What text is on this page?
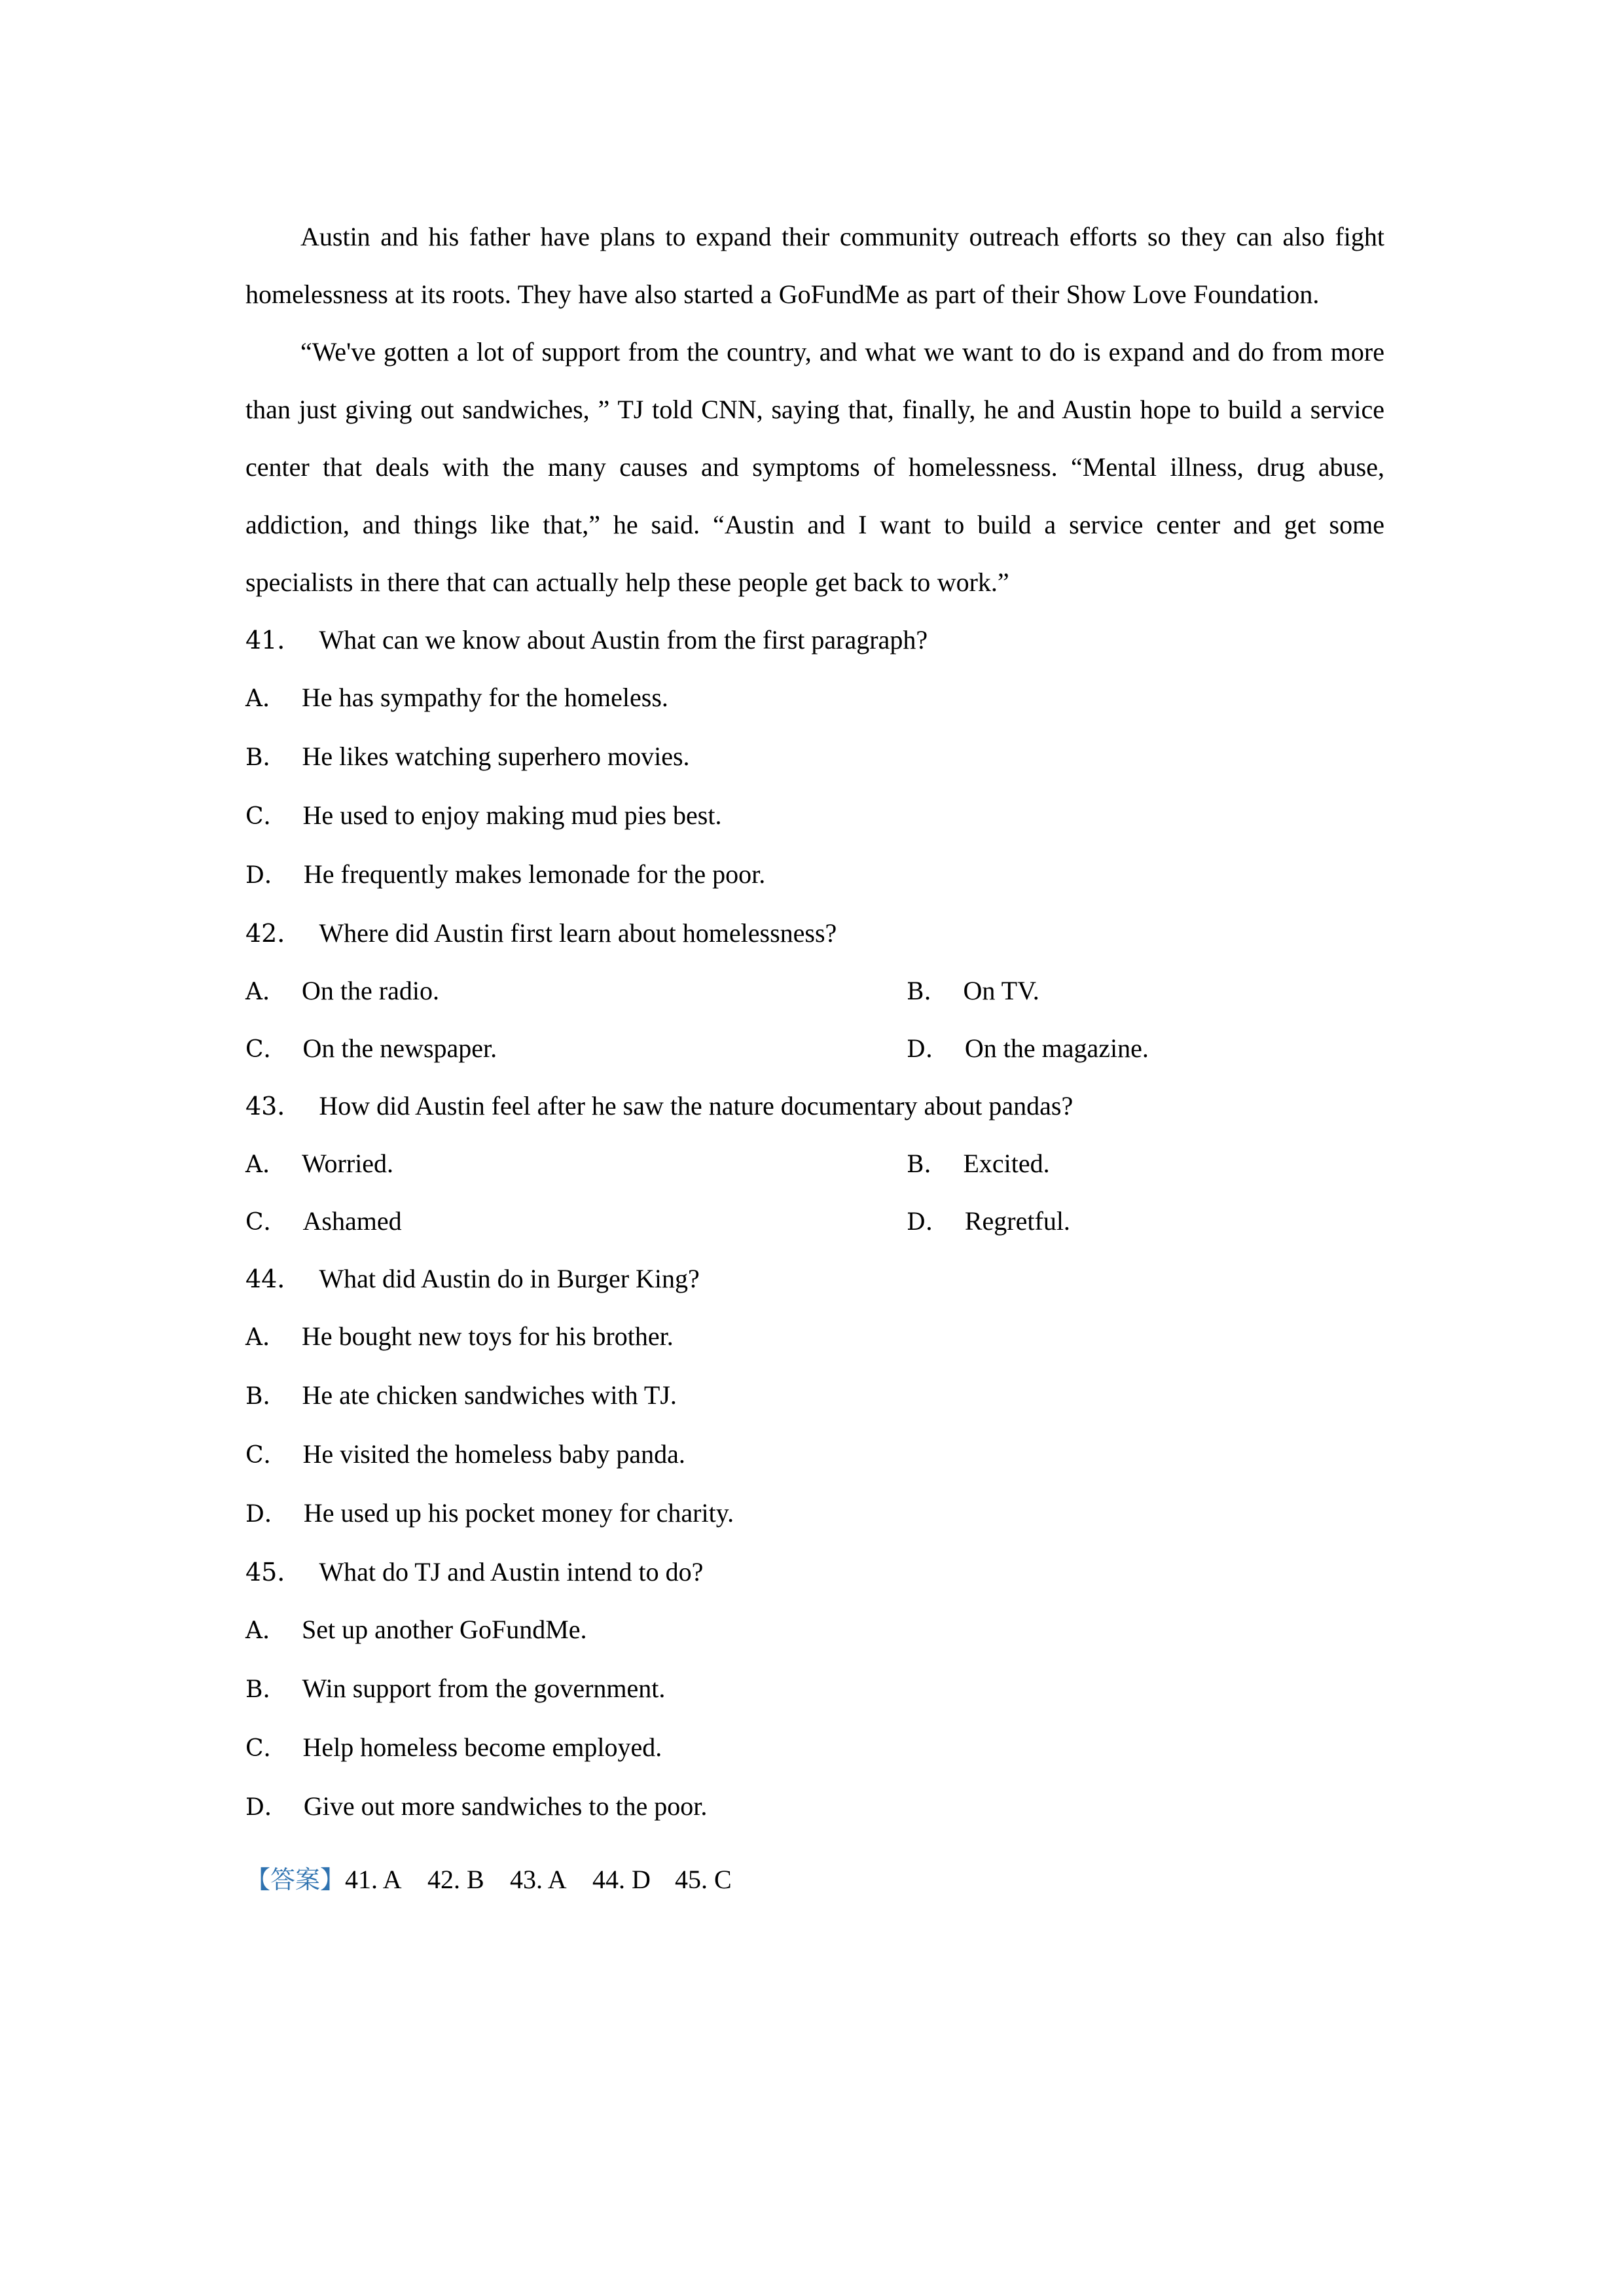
Austin and his father have plans to expand their community outreach efforts so they can also fight homelessness at its roots. They have also started a GoFundMe as part of their Show Love Foundation.

“We've gotten a lot of support from the country, and what we want to do is expand and do from more than just giving out sandwiches, ” TJ told CNN, saying that, finally, he and Austin hope to build a service center that deals with the many causes and symptoms of homelessness. “Mental illness, drug abuse, addiction, and things like that,” he said. “Austin and I want to build a service center and get some specialists in there that can actually help these people get back to work.”

41． What can we know about Austin from the first paragraph?
A． He has sympathy for the homeless.
B． He likes watching superhero movies.
C． He used to enjoy making mud pies best.
D． He frequently makes lemonade for the poor.
42． Where did Austin first learn about homelessness?
A． On the radio.	B． On TV.
C． On the newspaper.	D． On the magazine.
43． How did Austin feel after he saw the nature documentary about pandas?
A． Worried.	B． Excited.
C． Ashamed	D． Regretful.
44． What did Austin do in Burger King?
A． He bought new toys for his brother.
B． He ate chicken sandwiches with TJ.
C． He visited the homeless baby panda.
D． He used up his pocket money for charity.
45． What do TJ and Austin intend to do?
A． Set up another GoFundMe.
B． Win support from the government.
C． Help homeless become employed.
D． Give out more sandwiches to the poor.
【答案】41. A 42. B 43. A 44. D 45. C
